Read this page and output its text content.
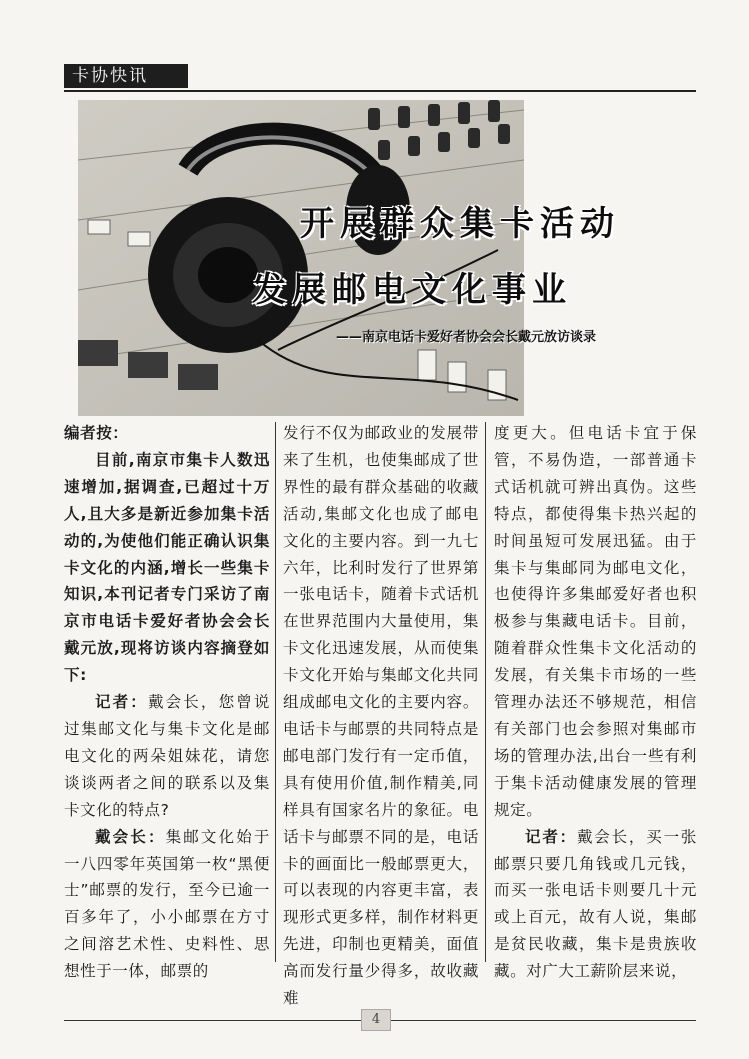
卡协快讯
开展群众集卡活动
发展邮电文化事业
——南京电话卡爱好者协会会长戴元放访谈录

编者按：

目前,南京市集卡人数迅速增加,据调查,已超过十万人,且大多是新近参加集卡活动的,为使他们能正确认识集卡文化的内涵,增长一些集卡知识,本刊记者专门采访了南京市电话卡爱好者协会会长戴元放,现将访谈内容摘登如下:

记者：戴会长，您曾说过集邮文化与集卡文化是邮电文化的两朵姐妹花，请您谈谈两者之间的联系以及集卡文化的特点?

戴会长：集邮文化始于一八四零年英国第一枚“黑便士”邮票的发行，至今已逾一百多年了，小小邮票在方寸之间溶艺术性、史料性、思想性于一体，邮票的

发行不仅为邮政业的发展带来了生机，也使集邮成了世界性的最有群众基础的收藏活动,集邮文化也成了邮电文化的主要内容。到一九七六年，比利时发行了世界第一张电话卡，随着卡式话机在世界范围内大量使用，集卡文化迅速发展，从而使集卡文化开始与集邮文化共同组成邮电文化的主要内容。电话卡与邮票的共同特点是邮电部门发行有一定币值，具有使用价值,制作精美,同样具有国家名片的象征。电话卡与邮票不同的是，电话卡的画面比一般邮票更大，可以表现的内容更丰富，表现形式更多样，制作材料更先进，印制也更精美，面值高而发行量少得多，故收藏难

度更大。但电话卡宜于保管，不易伪造，一部普通卡式话机就可辨出真伪。这些特点，都使得集卡热兴起的时间虽短可发展迅猛。由于集卡与集邮同为邮电文化，也使得许多集邮爱好者也积极参与集藏电话卡。目前，随着群众性集卡文化活动的发展，有关集卡市场的一些管理办法还不够规范，相信有关部门也会参照对集邮市场的管理办法,出台一些有利于集卡活动健康发展的管理规定。

记者：戴会长，买一张邮票只要几角钱或几元钱，而买一张电话卡则要几十元或上百元，故有人说，集邮是贫民收藏，集卡是贵族收藏。对广大工薪阶层来说，

4
